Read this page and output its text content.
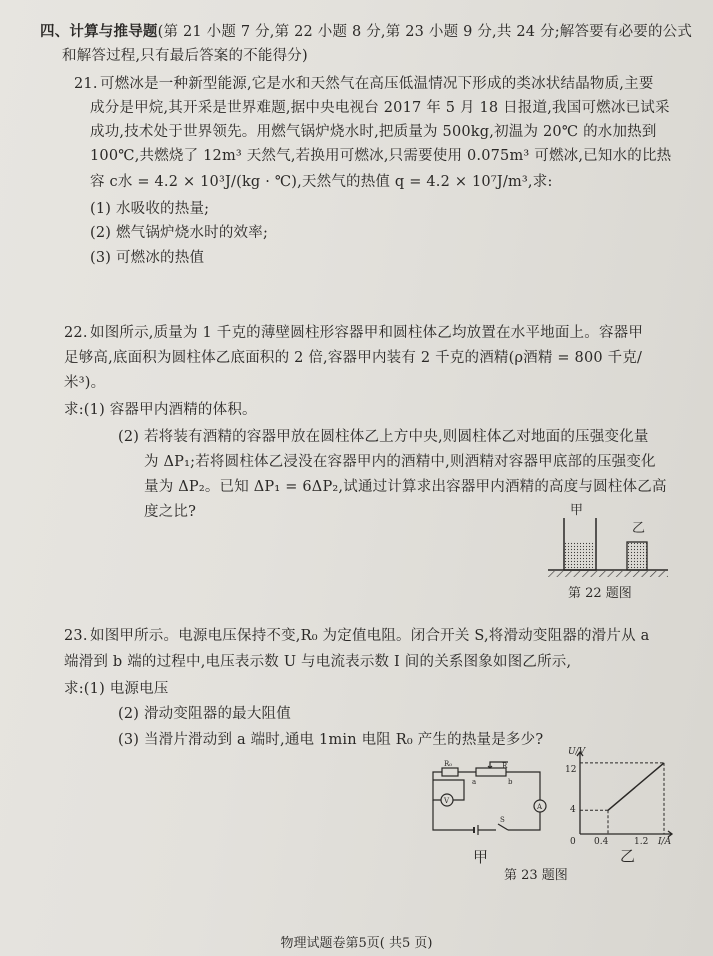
四、计算与推导题(第 21 小题 7 分,第 22 小题 8 分,第 23 小题 9 分,共 24 分;解答要有必要的公式
和解答过程,只有最后答案的不能得分)
21. 可燃冰是一种新型能源,它是水和天然气在高压低温情况下形成的类冰状结晶物质,主要
成分是甲烷,其开采是世界难题,据中央电视台 2017 年 5 月 18 日报道,我国可燃冰已试采
成功,技术处于世界领先。用燃气锅炉烧水时,把质量为 500kg,初温为 20℃ 的水加热到
100℃,共燃烧了 12m³ 天然气,若换用可燃冰,只需要使用 0.075m³ 可燃冰,已知水的比热
容 c水 = 4.2 × 10³J/(kg · ℃),天然气的热值 q = 4.2 × 10⁷J/m³,求:
(1) 水吸收的热量;
(2) 燃气锅炉烧水时的效率;
(3) 可燃冰的热值
22. 如图所示,质量为 1 千克的薄壁圆柱形容器甲和圆柱体乙均放置在水平地面上。容器甲
足够高,底面积为圆柱体乙底面积的 2 倍,容器甲内装有 2 千克的酒精(ρ酒精 = 800 千克/
米³)。
求:(1) 容器甲内酒精的体积。
(2) 若将装有酒精的容器甲放在圆柱体乙上方中央,则圆柱体乙对地面的压强变化量
为 ΔP₁;若将圆柱体乙浸没在容器甲内的酒精中,则酒精对容器甲底部的压强变化
量为 ΔP₂。已知 ΔP₁ = 6ΔP₂,试通过计算求出容器甲内酒精的高度与圆柱体乙高
度之比?	甲
乙
第 22 题图
23. 如图甲所示。电源电压保持不变,R₀ 为定值电阻。闭合开关 S,将滑动变阻器的滑片从 a
端滑到 b 端的过程中,电压表示数 U 与电流表示数 I 间的关系图象如图乙所示,
求:(1) 电源电压
(2) 滑动变阻器的最大阻值
(3) 当滑片滑动到 a 端时,通电 1min 电阻 R₀ 产生的热量是多少?
R₀	R
a	b
V
A
S
甲
U/V
I/A
12
4
0 0.4	1.2
乙
第 23 题图
物理试题卷第5页( 共5 页)
